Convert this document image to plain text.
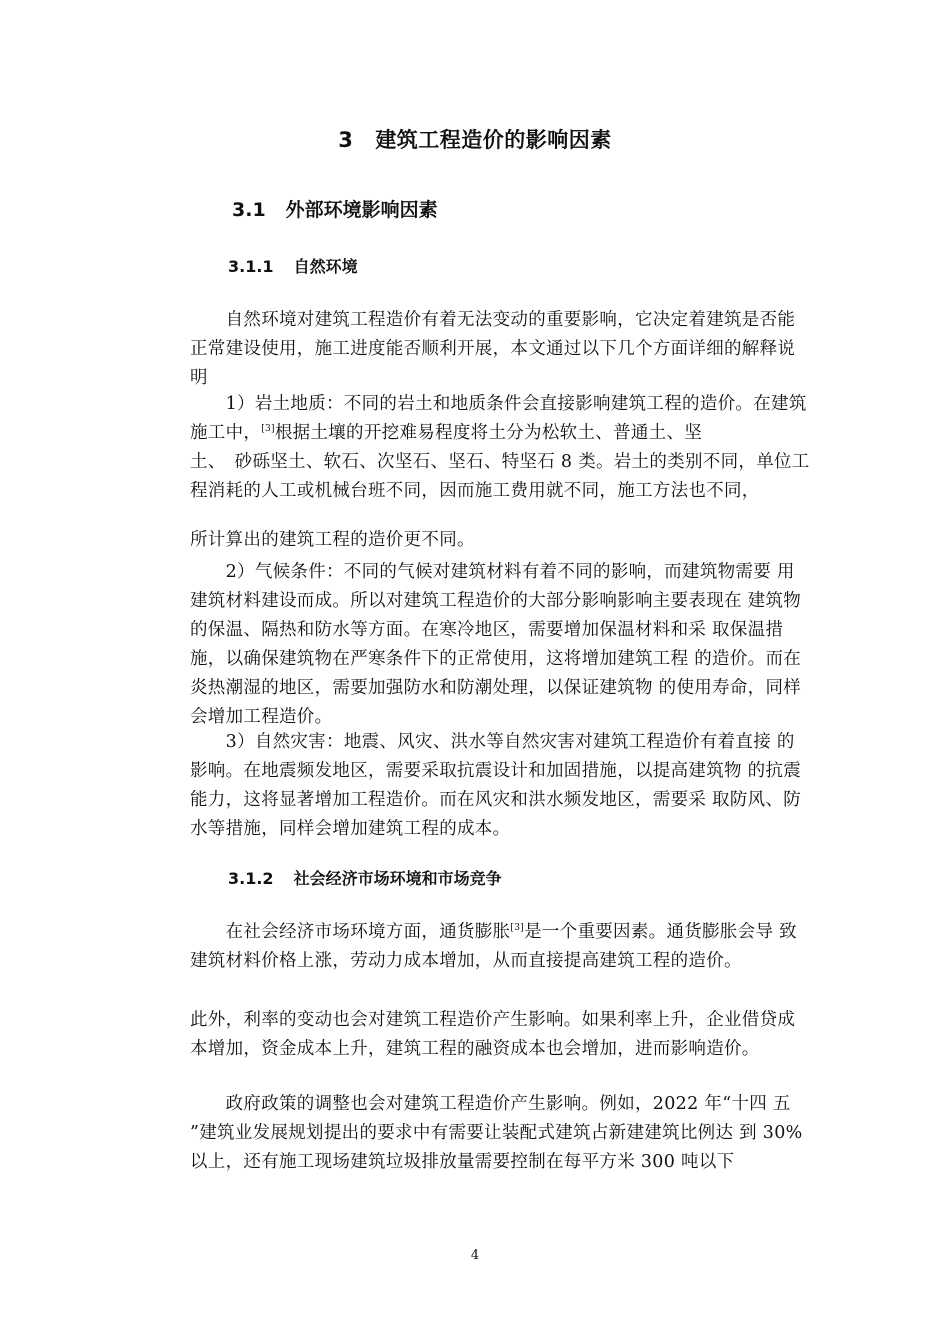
3 建筑工程造价的影响因素
3.1 外部环境影响因素
3.1.1 自然环境
　　自然环境对建筑工程造价有着无法变动的重要影响，它决定着建筑是否能正常建设使用，施工进度能否顺利开展，本文通过以下几个方面详细的解释说明
　　1）岩土地质：不同的岩土和地质条件会直接影响建筑工程的造价。在建筑施工中，[3]根据土壤的开挖难易程度将土分为松软土、普通土、坚
土、　砂砾坚土、软石、次坚石、坚石、特坚石 8 类。岩土的类别不同，单位工　程消耗的人工或机械台班不同，因而施工费用就不同，施工方法也不同，
所计算出的建筑工程的造价更不同。
　　2）气候条件：不同的气候对建筑材料有着不同的影响，而建筑物需要 用建筑材料建设而成。所以对建筑工程造价的大部分影响影响主要表现在 建筑物的保温、隔热和防水等方面。在寒冷地区，需要增加保温材料和采 取保温措施，以确保建筑物在严寒条件下的正常使用，这将增加建筑工程 的造价。而在炎热潮湿的地区，需要加强防水和防潮处理，以保证建筑物 的使用寿命，同样会增加工程造价。
　　3）自然灾害：地震、风灾、洪水等自然灾害对建筑工程造价有着直接 的影响。在地震频发地区，需要采取抗震设计和加固措施，以提高建筑物 的抗震能力，这将显著增加工程造价。而在风灾和洪水频发地区，需要采 取防风、防水等措施，同样会增加建筑工程的成本。
3.1.2 社会经济市场环境和市场竞争
　　在社会经济市场环境方面，通货膨胀[3]是一个重要因素。通货膨胀会导 致建筑材料价格上涨，劳动力成本增加，从而直接提高建筑工程的造价。
此外，利率的变动也会对建筑工程造价产生影响。如果利率上升，企业借贷成本增加，资金成本上升，建筑工程的融资成本也会增加，进而影响造价。
　　政府政策的调整也会对建筑工程造价产生影响。例如，2022 年“十四 五 ”建筑业发展规划提出的要求中有需要让装配式建筑占新建建筑比例达 到 30%以上，还有施工现场建筑垃圾排放量需要控制在每平方米 300 吨以下
4
